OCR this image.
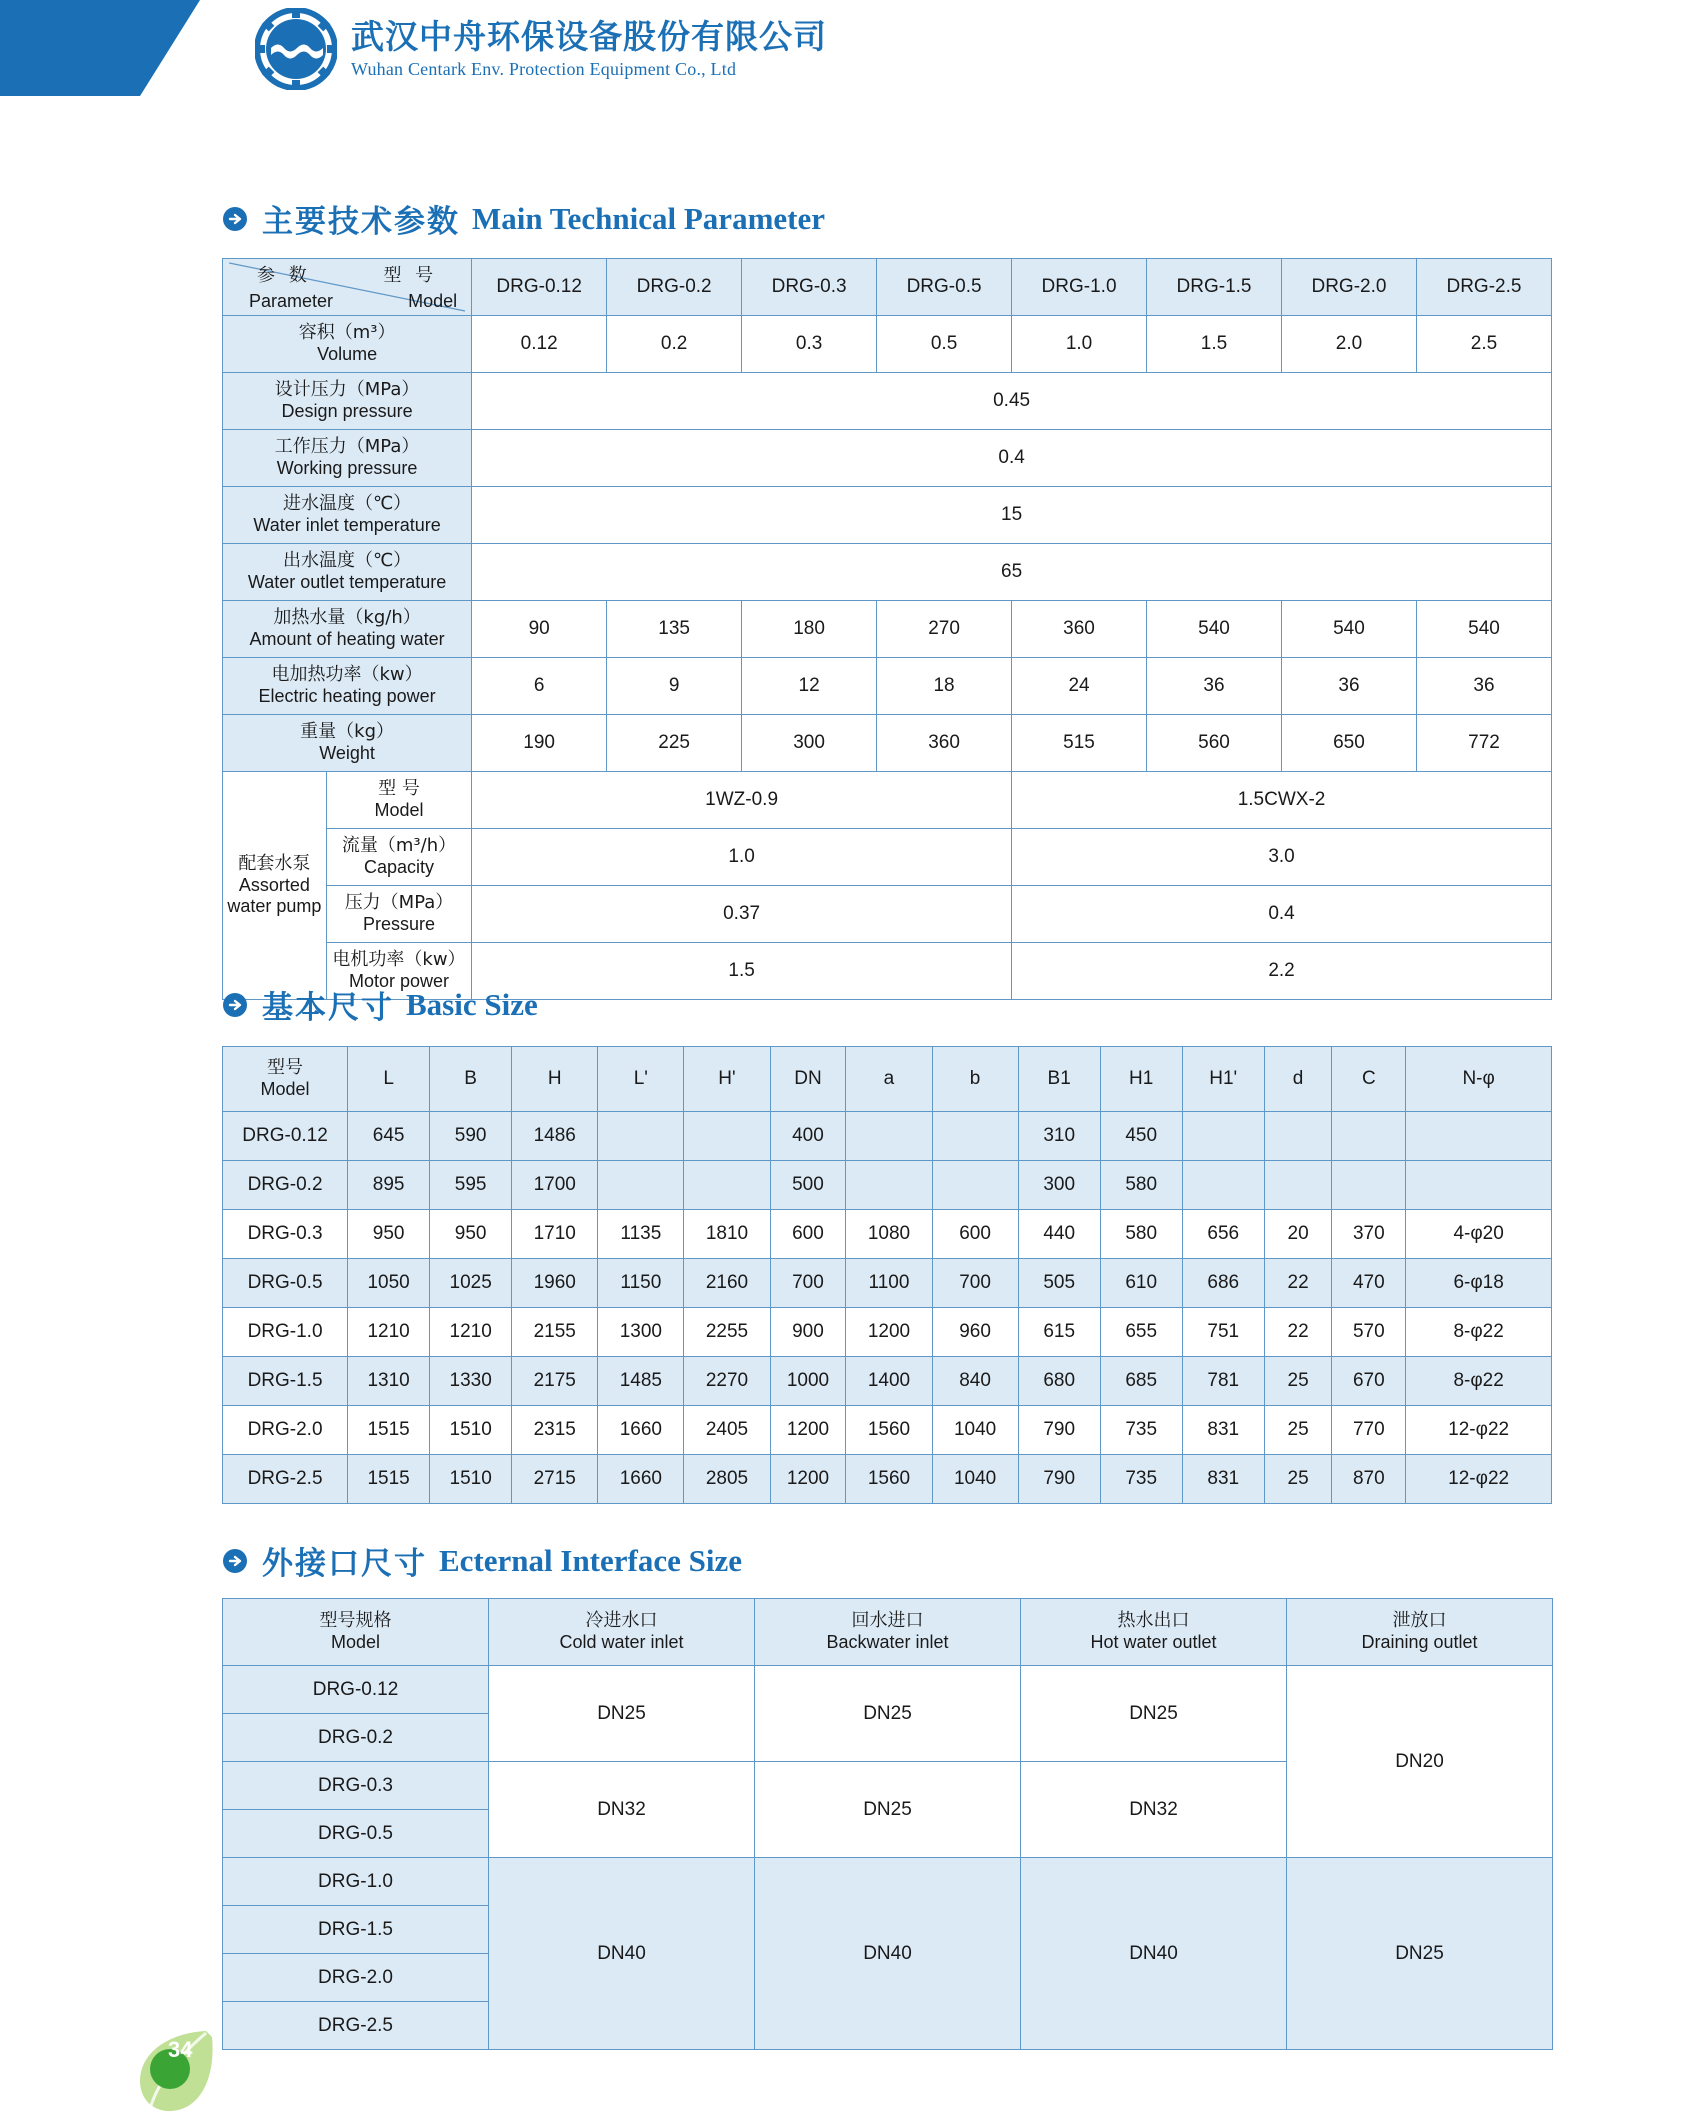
武汉中舟环保设备股份有限公司
Wuhan Centark Env. Protection Equipment Co., Ltd
主要技术参数 Main Technical Parameter
参 数
Parameter
型 号
Model		DRG-0.12	DRG-0.2	DRG-0.3	DRG-0.5	DRG-1.0	DRG-1.5	DRG-2.0	DRG-2.5

容积（m³）
Volume		0.12	0.2	0.3	0.5	1.0	1.5	2.0	2.5

设计压力（MPa）
Design pressure		0.45							

工作压力（MPa）
Working pressure		0.4							

进水温度（℃）
Water inlet temperature		15							

出水温度（℃）
Water outlet temperature		65							

加热水量（kg/h）
Amount of heating water		90	135	180	270	360	540	540	540

电加热功率（kw）
Electric heating power		6	9	12	18	24	36	36	36

重量（kg）
Weight		190	225	300	360	515	560	650	772

配套水泵
Assorted water pump	型 号
Model	1WZ-0.9				1.5CWX-2			

	流量（m³/h）
Capacity	1.0				3.0			

	压力（MPa）
Pressure	0.37				0.4			

	电机功率（kw）
Motor power	1.5				2.2			
基本尺寸 Basic Size
型号
Model	L	B	H	L'	H'	DN	a	b	B1	H1	H1'	d	C	N-φ
DRG-0.12	645	590	1486			400			310	450				
DRG-0.2	895	595	1700			500			300	580				
DRG-0.3	950	950	1710	1135	1810	600	1080	600	440	580	656	20	370	4-φ20
DRG-0.5	1050	1025	1960	1150	2160	700	1100	700	505	610	686	22	470	6-φ18
DRG-1.0	1210	1210	2155	1300	2255	900	1200	960	615	655	751	22	570	8-φ22
DRG-1.5	1310	1330	2175	1485	2270	1000	1400	840	680	685	781	25	670	8-φ22
DRG-2.0	1515	1510	2315	1660	2405	1200	1560	1040	790	735	831	25	770	12-φ22
DRG-2.5	1515	1510	2715	1660	2805	1200	1560	1040	790	735	831	25	870	12-φ22
外接口尺寸 Ecternal Interface Size
型号规格
Model	冷进水口
Cold water inlet	回水进口
Backwater inlet	热水出口
Hot water outlet	泄放口
Draining outlet

DRG-0.12	DN25	DN25	DN25	DN20
DRG-0.2				
DRG-0.3	DN32	DN25	DN32	
DRG-0.5				
DRG-1.0	DN40	DN40	DN40	DN25
DRG-1.5				
DRG-2.0				
DRG-2.5				
34
